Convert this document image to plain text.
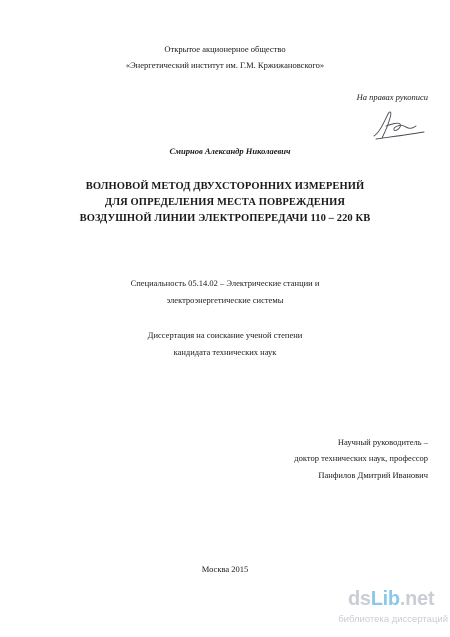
Открытое акционерное общество
«Энергетический институт им. Г.М. Кржижановского»
На правах рукописи
Смирнов Александр Николаевич
ВОЛНОВОЙ МЕТОД ДВУХСТОРОННИХ ИЗМЕРЕНИЙ
ДЛЯ ОПРЕДЕЛЕНИЯ МЕСТА ПОВРЕЖДЕНИЯ
ВОЗДУШНОЙ ЛИНИИ ЭЛЕКТРОПЕРЕДАЧИ 110 – 220 КВ
Специальность 05.14.02 – Электрические станции и
электроэнергетические системы
Диссертация на соискание ученой степени
кандидата технических наук
Научный руководитель –
доктор технических наук, профессор
Панфилов Дмитрий Иванович
Москва 2015
dsLib.net
библиотека диссертаций
